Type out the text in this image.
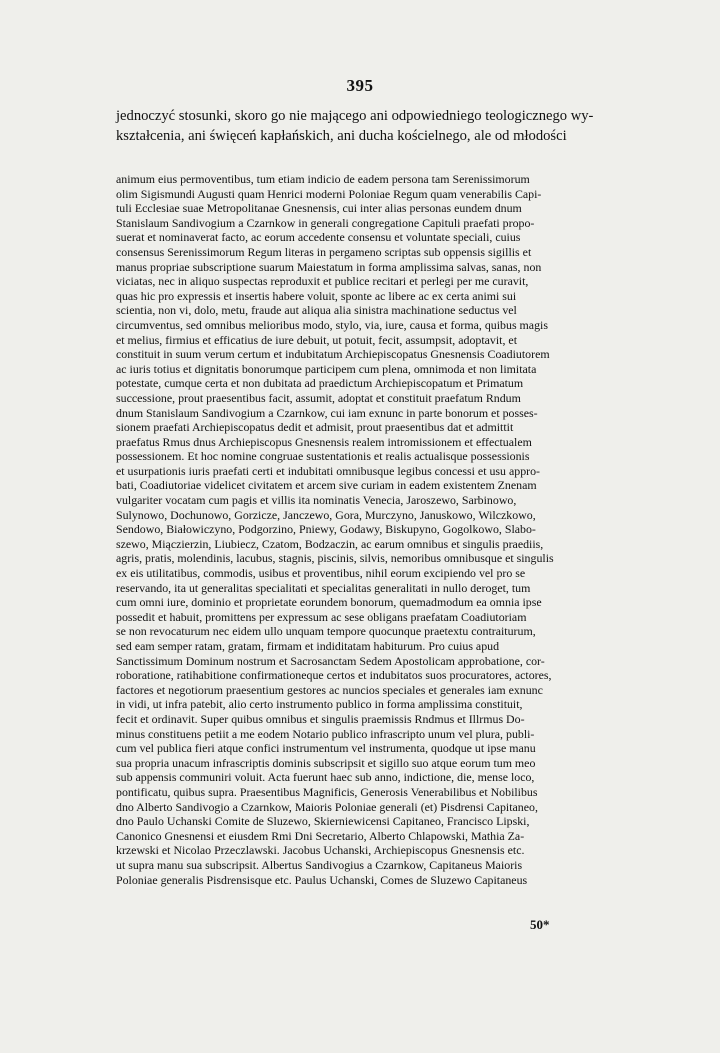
395
jednoczyć stosunki, skoro go nie mającego ani odpowiedniego teologicznego wy-
kształcenia, ani święceń kapłańskich, ani ducha kościelnego, ale od młodości
animum eius permoventibus, tum etiam indicio de eadem persona tam Serenissimorum
olim Sigismundi Augusti quam Henrici moderni Poloniae Regum quam venerabilis Capi-
tuli Ecclesiae suae Metropolitanae Gnesnensis, cui inter alias personas eundem dnum
Stanislaum Sandivogium a Czarnkow in generali congregatione Capituli praefati propo-
suerat et nominaverat facto, ac eorum accedente consensu et voluntate speciali, cuius
consensus Serenissimorum Regum literas in pergameno scriptas sub oppensis sigillis et
manus propriae subscriptione suarum Maiestatum in forma amplissima salvas, sanas, non
viciatas, nec in aliquo suspectas reproduxit et publice recitari et perlegi per me curavit,
quas hic pro expressis et insertis habere voluit, sponte ac libere ac ex certa animi sui
scientia, non vi, dolo, metu, fraude aut aliqua alia sinistra machinatione seductus vel
circumventus, sed omnibus melioribus modo, stylo, via, iure, causa et forma, quibus magis
et melius, firmius et efficatius de iure debuit, ut potuit, fecit, assumpsit, adoptavit, et
constituit in suum verum certum et indubitatum Archiepiscopatus Gnesnensis Coadiutorem
ac iuris totius et dignitatis bonorumque participem cum plena, omnimoda et non limitata
potestate, cumque certa et non dubitata ad praedictum Archiepiscopatum et Primatum
successione, prout praesentibus facit, assumit, adoptat et constituit praefatum Rndum
dnum Stanislaum Sandivogium a Czarnkow, cui iam exnunc in parte bonorum et posses-
sionem praefati Archiepiscopatus dedit et admisit, prout praesentibus dat et admittit
praefatus Rmus dnus Archiepiscopus Gnesnensis realem intromissionem et effectualem
possessionem. Et hoc nomine congruae sustentationis et realis actualisque possessionis
et usurpationis iuris praefati certi et indubitati omnibusque legibus concessi et usu appro-
bati, Coadiutoriae videlicet civitatem et arcem sive curiam in eadem existentem Znenam
vulgariter vocatam cum pagis et villis ita nominatis Venecia, Jaroszewo, Sarbinowo,
Sulynowo, Dochunowo, Gorzicze, Janczewo, Gora, Murczyno, Januskowo, Wilczkowo,
Sendowo, Białowiczyno, Podgorzino, Pniewy, Godawy, Biskupyno, Gogolkowo, Slabo-
szewo, Miączierzin, Liubiecz, Czatom, Bodzaczin, ac earum omnibus et singulis praediis,
agris, pratis, molendinis, lacubus, stagnis, piscinis, silvis, nemoribus omnibusque et singulis
ex eis utilitatibus, commodis, usibus et proventibus, nihil eorum excipiendo vel pro se
reservando, ita ut generalitas specialitati et specialitas generalitati in nullo deroget, tum
cum omni iure, dominio et proprietate eorundem bonorum, quemadmodum ea omnia ipse
possedit et habuit, promittens per expressum ac sese obligans praefatam Coadiutoriam
se non revocaturum nec eidem ullo unquam tempore quocunque praetextu contraiturum,
sed eam semper ratam, gratam, firmam et indiditatam habiturum. Pro cuius apud
Sanctissimum Dominum nostrum et Sacrosanctam Sedem Apostolicam approbatione, cor-
roboratione, ratihabitione confirmationeque certos et indubitatos suos procuratores, actores,
factores et negotiorum praesentium gestores ac nuncios speciales et generales iam exnunc
in vidi, ut infra patebit, alio certo instrumento publico in forma amplissima constituit,
fecit et ordinavit. Super quibus omnibus et singulis praemissis Rndmus et Illrmus Do-
minus constituens petiit a me eodem Notario publico infrascripto unum vel plura, publi-
cum vel publica fieri atque confici instrumentum vel instrumenta, quodque ut ipse manu
sua propria unacum infrascriptis dominis subscripsit et sigillo suo atque eorum tum meo
sub appensis communiri voluit. Acta fuerunt haec sub anno, indictione, die, mense loco,
pontificatu, quibus supra. Praesentibus Magnificis, Generosis Venerabilibus et Nobilibus
dno Alberto Sandivogio a Czarnkow, Maioris Poloniae generali (et) Pisdrensi Capitaneo,
dno Paulo Uchanski Comite de Sluzewo, Skierniewicensi Capitaneo, Francisco Lipski,
Canonico Gnesnensi et eiusdem Rmi Dni Secretario, Alberto Chlapowski, Mathia Za-
krzewski et Nicolao Przeczlawski. Jacobus Uchanski, Archiepiscopus Gnesnensis etc.
ut supra manu sua subscripsit. Albertus Sandivogius a Czarnkow, Capitaneus Maioris
Poloniae generalis Pisdrensisque etc. Paulus Uchanski, Comes de Sluzewo Capitaneus
50*
